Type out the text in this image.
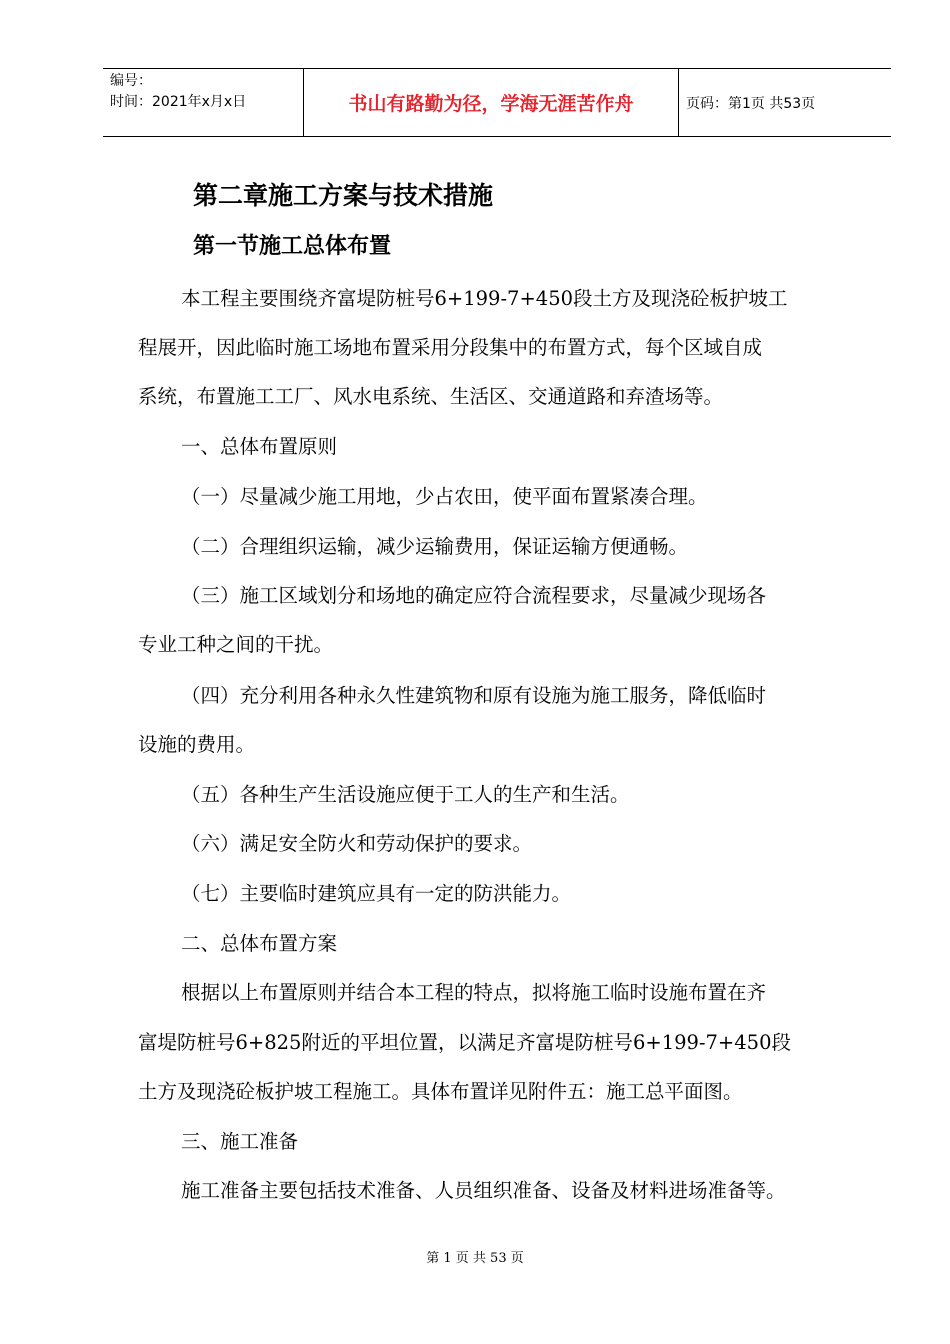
编号：
时间：2021年x月x日	书山有路勤为径，学海无涯苦作舟	页码：第1页 共53页
第二章施工方案与技术措施
第一节施工总体布置
本工程主要围绕齐富堤防桩号6+199-7+450段土方及现浇砼板护坡工
程展开，因此临时施工场地布置采用分段集中的布置方式，每个区域自成
系统，布置施工工厂、风水电系统、生活区、交通道路和弃渣场等。
一、总体布置原则
（一）尽量减少施工用地，少占农田，使平面布置紧凑合理。
（二）合理组织运输，减少运输费用，保证运输方便通畅。
（三）施工区域划分和场地的确定应符合流程要求，尽量减少现场各
专业工种之间的干扰。
（四）充分利用各种永久性建筑物和原有设施为施工服务，降低临时
设施的费用。
（五）各种生产生活设施应便于工人的生产和生活。
（六）满足安全防火和劳动保护的要求。
（七）主要临时建筑应具有一定的防洪能力。
二、总体布置方案
根据以上布置原则并结合本工程的特点，拟将施工临时设施布置在齐
富堤防桩号6+825附近的平坦位置，以满足齐富堤防桩号6+199-7+450段
土方及现浇砼板护坡工程施工。具体布置详见附件五：施工总平面图。
三、施工准备
施工准备主要包括技术准备、人员组织准备、设备及材料进场准备等。
第 1 页 共 53 页
